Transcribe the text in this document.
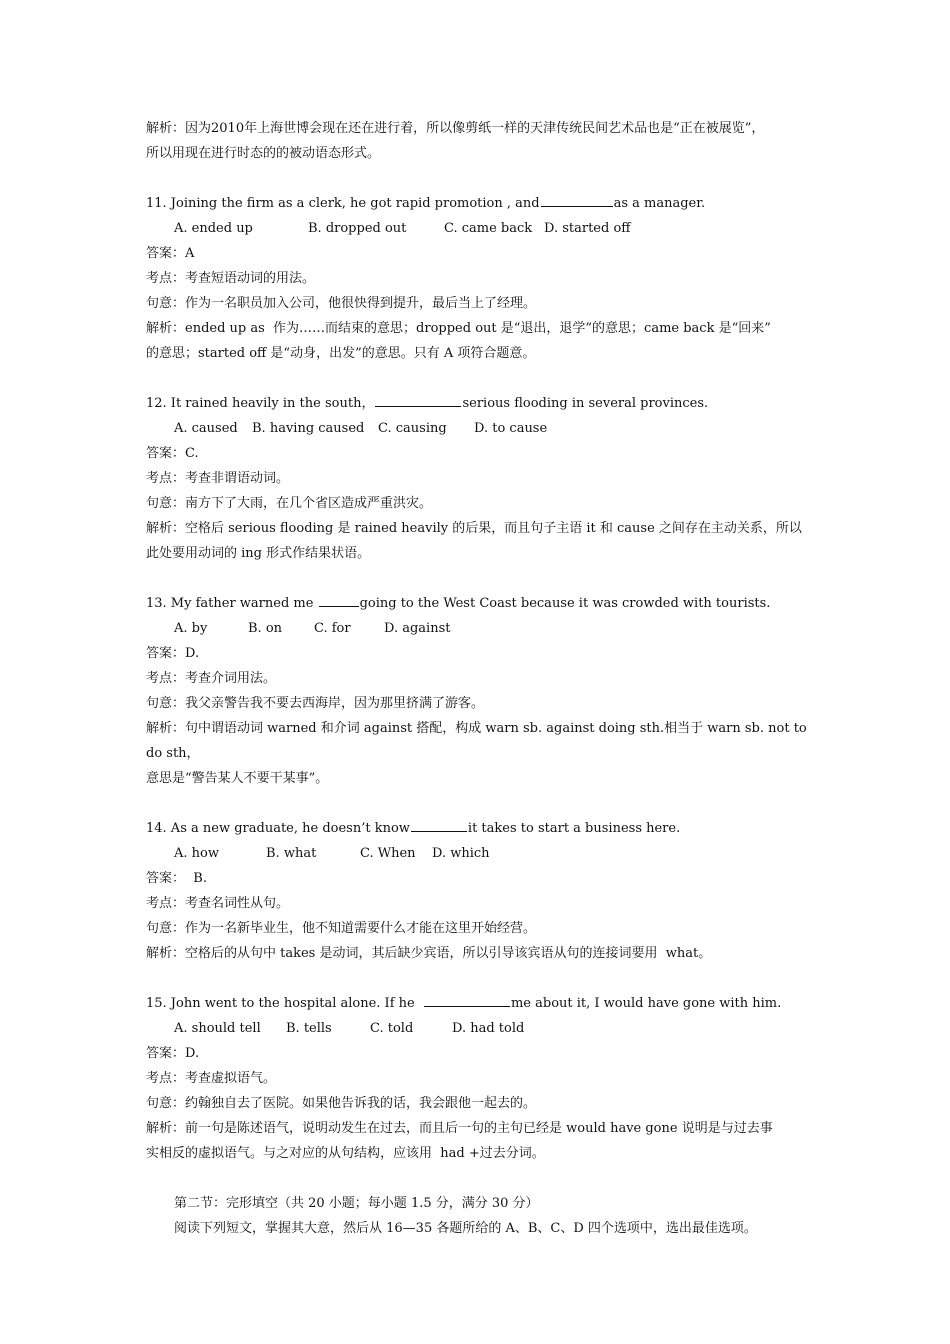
解析：因为2010年上海世博会现在还在进行着，所以像剪纸一样的天津传统民间艺术品也是“正在被展览”，
所以用现在进行时态的的被动语态形式。
11. Joining the firm as a clerk, he got rapid promotion , and	as a manager.
A. ended up	B. dropped out	C. came back D. started off
答案：A
考点：考查短语动词的用法。
句意：作为一名职员加入公司，他很快得到提升，最后当上了经理。
解析：ended up as  作为……而结束的意思；dropped out 是“退出，退学”的意思；came back 是“回来”
的意思；started off 是“动身，出发”的意思。只有 A 项符合题意。
12. It rained heavily in the south，	serious flooding in several provinces.
A. caused	B. having caused	C. causing	D. to cause
答案：C.
考点：考查非谓语动词。
句意：南方下了大雨，在几个省区造成严重洪灾。
解析：空格后 serious flooding 是 rained heavily 的后果，而且句子主语 it 和 cause 之间存在主动关系，所以
此处要用动词的 ing 形式作结果状语。
13. My father warned me	going to the West Coast because it was crowded with tourists.
A. by	B. on	C. for	D. against
答案：D.
考点：考查介词用法。
句意：我父亲警告我不要去西海岸，因为那里挤满了游客。
解析：句中谓语动词 warned 和介词 against 搭配，构成 warn sb. against doing sth.相当于 warn sb. not to do sth，
意思是“警告某人不要干某事”。
14. As a new graduate, he doesn’t know	it takes to start a business here.
A. how	B. what	C. When	D. which
答案：  B.
考点：考查名词性从句。
句意：作为一名新毕业生，他不知道需要什么才能在这里开始经营。
解析：空格后的从句中 takes 是动词，其后缺少宾语，所以引导该宾语从句的连接词要用  what。
15. John went to the hospital alone. If he	me about it, I would have gone with him.
A. should tell	B. tells	C. told	D. had told
答案：D.
考点：考查虚拟语气。
句意：约翰独自去了医院。如果他告诉我的话，我会跟他一起去的。
解析：前一句是陈述语气，说明动发生在过去，而且后一句的主句已经是 would have gone 说明是与过去事
实相反的虚拟语气。与之对应的从句结构，应该用  had +过去分词。
第二节：完形填空（共 20 小题；每小题 1.5 分，满分 30 分）
阅读下列短文，掌握其大意，然后从 16—35 各题所给的 A、B、C、D 四个选项中，选出最佳选项。
